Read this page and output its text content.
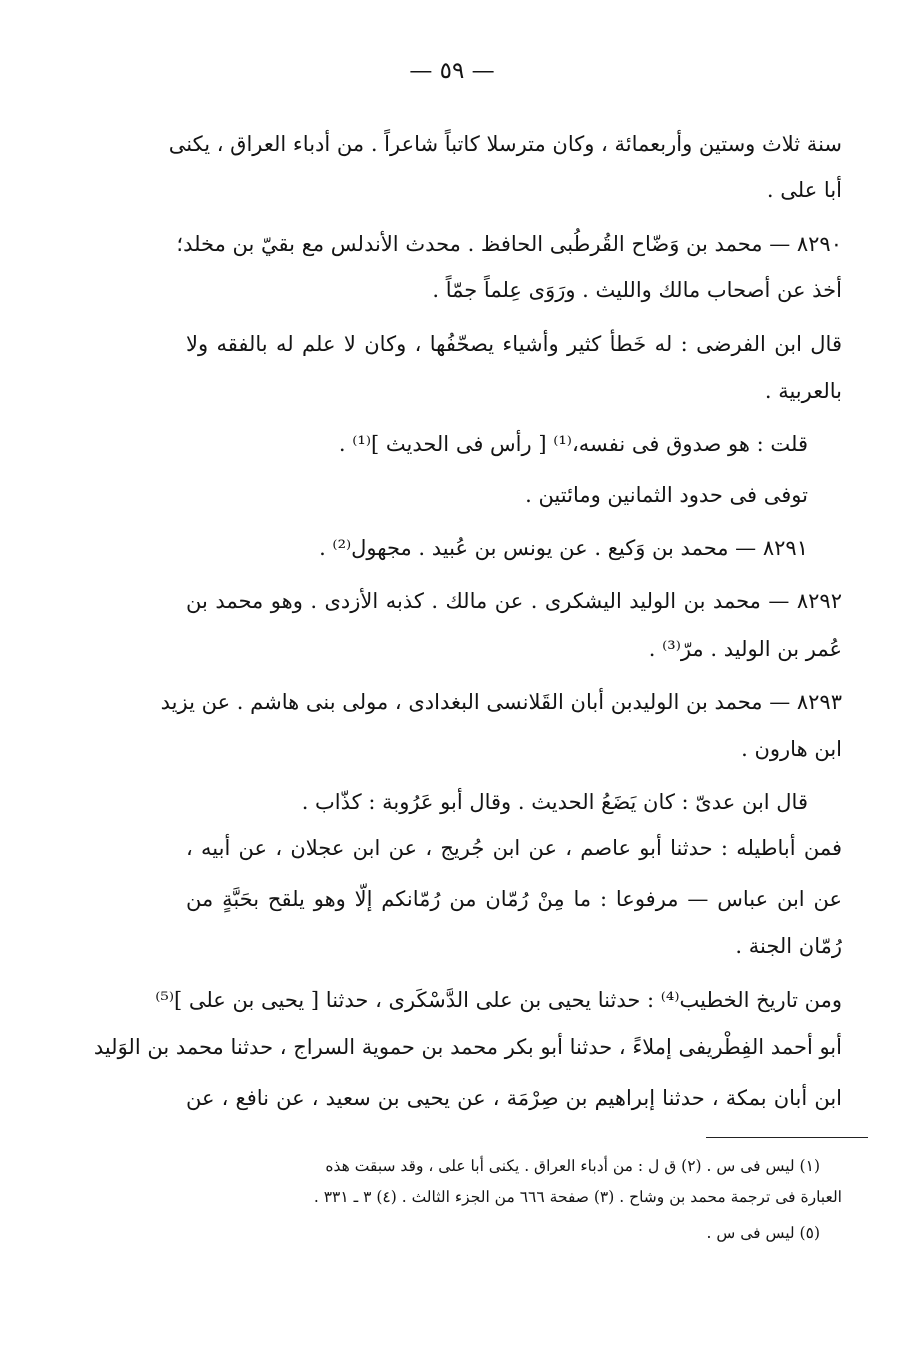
— ٥٩ —
سنة ثلاث وستين وأربعمائة ، وكان مترسلا كاتباً شاعراً . من أدباء العراق ، يكنى
أبا على .
٨٢٩٠ — محمد بن وَضّاح القُرطُبى الحافظ . محدث الأندلس مع بقيّ بن مخلد؛
أخذ عن أصحاب مالك والليث . ورَوَى عِلماً جمّاً .
قال ابن الفرضى : له خَطأ كثير وأشياء يصحّفُها ، وكان لا علم له بالفقه ولا
بالعربية .
قلت : هو صدوق فى نفسه،⁽¹⁾ [ رأس فى الحديث ]⁽¹⁾ .
توفى فى حدود الثمانين ومائتين .
٨٢٩١ — محمد بن وَكيع . عن يونس بن عُبيد . مجهول⁽²⁾ .
٨٢٩٢ — محمد بن الوليد اليشكرى . عن مالك . كذبه الأزدى . وهو محمد بن
عُمر بن الوليد . مرّ⁽³⁾ .
٨٢٩٣ — محمد بن الوليدبن أبان القَلانسى البغدادى ، مولى بنى هاشم . عن يزيد
ابن هارون .
قال ابن عدىّ : كان يَضَعُ الحديث . وقال أبو عَرُوبة : كذّاب .
فمن أباطيله : حدثنا أبو عاصم ، عن ابن جُريج ، عن ابن عجلان ، عن أبيه ،
عن ابن عباس — مرفوعا : ما مِنْ رُمّان من رُمّانكم إلّا وهو يلقح بحَبَّةٍ من
رُمّان الجنة .
ومن تاريخ الخطيب⁽⁴⁾ : حدثنا يحيى بن على الدَّسْكَرى ، حدثنا [ يحيى بن على ]⁽⁵⁾
أبو أحمد الفِطْريفى إملاءً ، حدثنا أبو بكر محمد بن حموية السراج ، حدثنا محمد بن الوَليد
ابن أبان بمكة ، حدثنا إبراهيم بن صِرْمَة ، عن يحيى بن سعيد ، عن نافع ، عن
(١) ليس فى س . (٢) ق ل : من أدباء العراق . يكنى أبا على ، وقد سبقت هذه
العبارة فى ترجمة محمد بن وشاح . (٣) صفحة ٦٦٦ من الجزء الثالث . (٤) ٣ ـ ٣٣١ .
(٥) ليس فى س .
